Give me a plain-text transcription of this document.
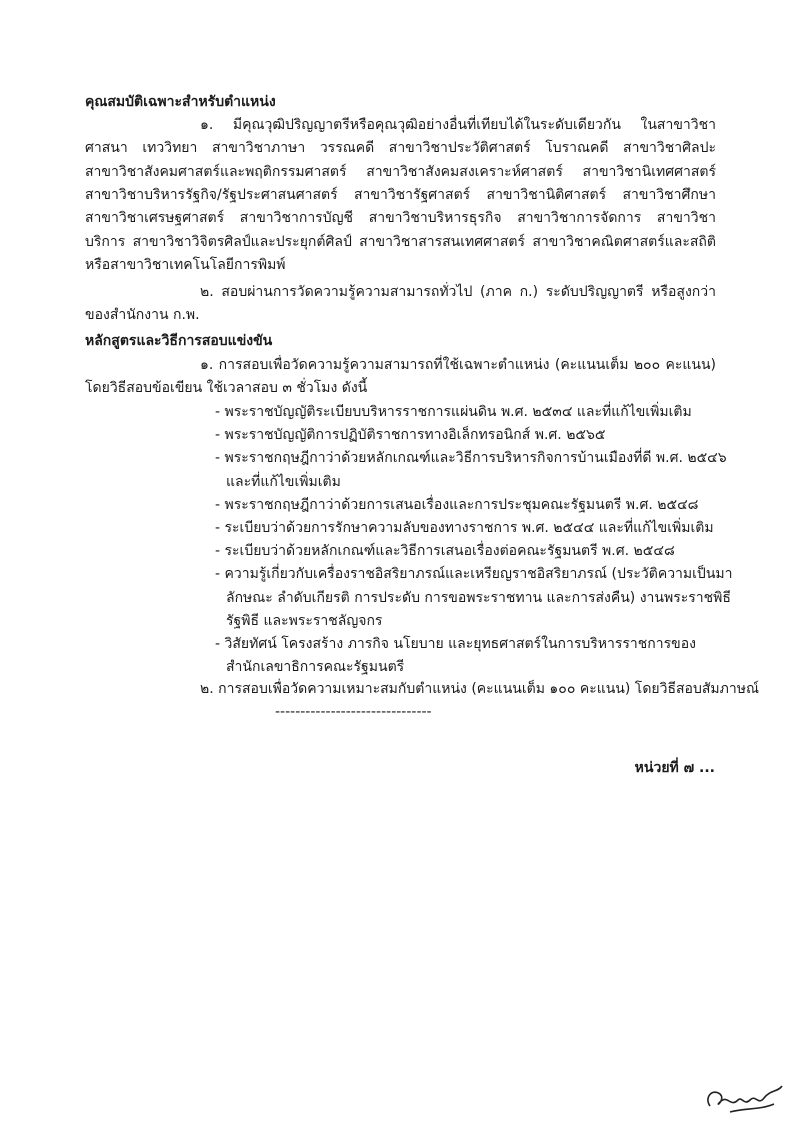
คุณสมบัติเฉพาะสำหรับตำแหน่ง
๑. มีคุณวุฒิปริญญาตรีหรือคุณวุฒิอย่างอื่นที่เทียบได้ในระดับเดียวกัน ในสาขาวิชา
ศาสนา เทววิทยา สาขาวิชาภาษา วรรณคดี สาขาวิชาประวัติศาสตร์ โบราณคดี สาขาวิชาศิลปะ
สาขาวิชาสังคมศาสตร์และพฤติกรรมศาสตร์ สาขาวิชาสังคมสงเคราะห์ศาสตร์ สาขาวิชานิเทศศาสตร์
สาขาวิชาบริหารรัฐกิจ/รัฐประศาสนศาสตร์ สาขาวิชารัฐศาสตร์ สาขาวิชานิติศาสตร์ สาขาวิชาศึกษา
สาขาวิชาเศรษฐศาสตร์ สาขาวิชาการบัญชี สาขาวิชาบริหารธุรกิจ สาขาวิชาการจัดการ สาขาวิชา
บริการ สาขาวิชาวิจิตรศิลป์และประยุกต์ศิลป์ สาขาวิชาสารสนเทศศาสตร์ สาขาวิชาคณิตศาสตร์และสถิติ
หรือสาขาวิชาเทคโนโลยีการพิมพ์
๒. สอบผ่านการวัดความรู้ความสามารถทั่วไป (ภาค ก.) ระดับปริญญาตรี หรือสูงกว่า
ของสำนักงาน ก.พ.
หลักสูตรและวิธีการสอบแข่งขัน
๑. การสอบเพื่อวัดความรู้ความสามารถที่ใช้เฉพาะตำแหน่ง (คะแนนเต็ม ๒๐๐ คะแนน)
โดยวิธีสอบข้อเขียน ใช้เวลาสอบ ๓ ชั่วโมง ดังนี้
- พระราชบัญญัติระเบียบบริหารราชการแผ่นดิน พ.ศ. ๒๕๓๔ และที่แก้ไขเพิ่มเติม
- พระราชบัญญัติการปฏิบัติราชการทางอิเล็กทรอนิกส์ พ.ศ. ๒๕๖๕
- พระราชกฤษฎีกาว่าด้วยหลักเกณฑ์และวิธีการบริหารกิจการบ้านเมืองที่ดี พ.ศ. ๒๕๔๖
และที่แก้ไขเพิ่มเติม
- พระราชกฤษฎีกาว่าด้วยการเสนอเรื่องและการประชุมคณะรัฐมนตรี พ.ศ. ๒๕๔๘
- ระเบียบว่าด้วยการรักษาความลับของทางราชการ พ.ศ. ๒๕๔๔ และที่แก้ไขเพิ่มเติม
- ระเบียบว่าด้วยหลักเกณฑ์และวิธีการเสนอเรื่องต่อคณะรัฐมนตรี พ.ศ. ๒๕๔๘
- ความรู้เกี่ยวกับเครื่องราชอิสริยาภรณ์และเหรียญราชอิสริยาภรณ์ (ประวัติความเป็นมา
ลักษณะ ลำดับเกียรติ การประดับ การขอพระราชทาน และการส่งคืน) งานพระราชพิธี
รัฐพิธี และพระราชลัญจกร
- วิสัยทัศน์ โครงสร้าง ภารกิจ นโยบาย และยุทธศาสตร์ในการบริหารราชการของ
สำนักเลขาธิการคณะรัฐมนตรี
๒. การสอบเพื่อวัดความเหมาะสมกับตำแหน่ง (คะแนนเต็ม ๑๐๐ คะแนน) โดยวิธีสอบสัมภาษณ์
-------------------------------
หน่วยที่ ๗ ...
